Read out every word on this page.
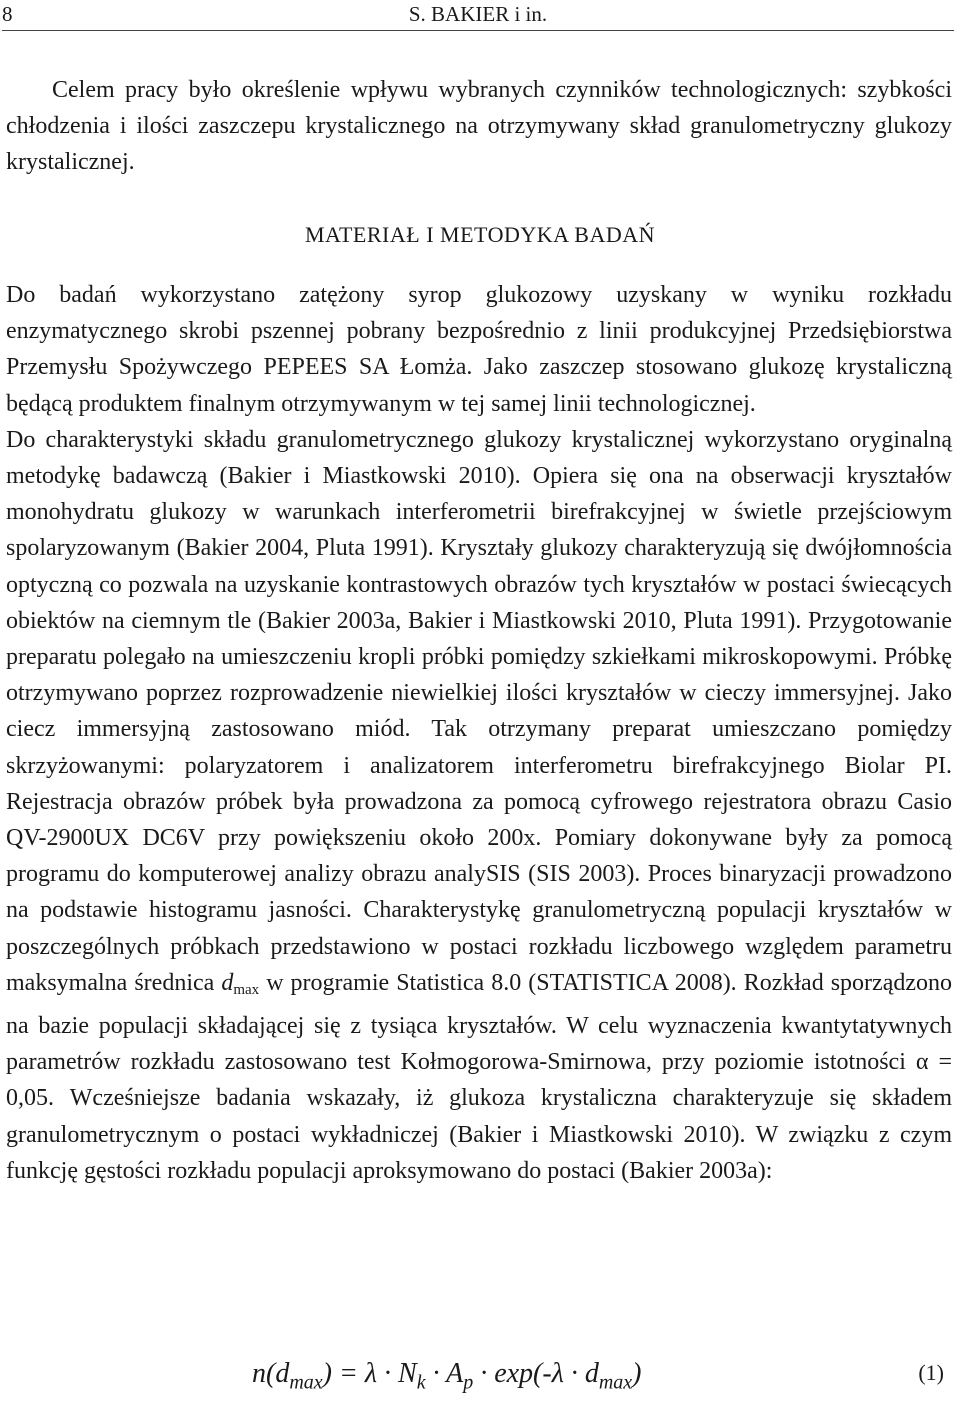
8	S. BAKIER i in.

Celem pracy było określenie wpływu wybranych czynników technologicznych: szybkości chłodzenia i ilości zaszczepu krystalicznego na otrzymywany skład granulometryczny glukozy krystalicznej.

MATERIAŁ I METODYKA BADAŃ

Do badań wykorzystano zatężony syrop glukozowy uzyskany w wyniku rozkładu enzymatycznego skrobi pszennej pobrany bezpośrednio z linii produkcyjnej Przedsiębiorstwa Przemysłu Spożywczego PEPEES SA Łomża. Jako zaszczep stosowano glukozę krystaliczną będącą produktem finalnym otrzymywanym w tej samej linii technologicznej.

Do charakterystyki składu granulometrycznego glukozy krystalicznej wykorzystano oryginalną metodykę badawczą (Bakier i Miastkowski 2010). Opiera się ona na obserwacji kryształów monohydratu glukozy w warunkach interferometrii birefrakcyjnej w świetle przejściowym spolaryzowanym (Bakier 2004, Pluta 1991). Kryształy glukozy charakteryzują się dwójłomnościa optyczną co pozwala na uzyskanie kontrastowych obrazów tych kryształów w postaci świecących obiektów na ciemnym tle (Bakier 2003a, Bakier i Miastkowski 2010, Pluta 1991). Przygotowanie preparatu polegało na umieszczeniu kropli próbki pomiędzy szkiełkami mikroskopowymi. Próbkę otrzymywano poprzez rozprowadzenie niewielkiej ilości kryształów w cieczy immersyjnej. Jako ciecz immersyjną zastosowano miód. Tak otrzymany preparat umieszczano pomiędzy skrzyżowanymi: polaryzatorem i analizatorem interferometru birefrakcyjnego Biolar PI. Rejestracja obrazów próbek była prowadzona za pomocą cyfrowego rejestratora obrazu Casio QV-2900UX DC6V przy powiększeniu około 200x. Pomiary dokonywane były za pomocą programu do komputerowej analizy obrazu analySIS (SIS 2003). Proces binaryzacji prowadzono na podstawie histogramu jasności. Charakterystykę granulometryczną populacji kryształów w poszczególnych próbkach przedstawiono w postaci rozkładu liczbowego względem parametru maksymalna średnica $d_{max}$ w programie Statistica 8.0 (STATISTICA 2008). Rozkład sporządzono na bazie populacji składającej się z tysiąca kryształów. W celu wyznaczenia kwantytatywnych parametrów rozkładu zastosowano test Kołmogorowa-Smirnowa, przy poziomie istotności α = 0,05. Wcześniejsze badania wskazały, iż glukoza krystaliczna charakteryzuje się składem granulometrycznym o postaci wykładniczej (Bakier i Miastkowski 2010). W związku z czym funkcję gęstości rozkładu populacji aproksymowano do postaci (Bakier 2003a):

$n(d_{max}) = \lambda \cdot N_k \cdot A_p \cdot \exp(-\lambda \cdot d_{max})$	(1)
